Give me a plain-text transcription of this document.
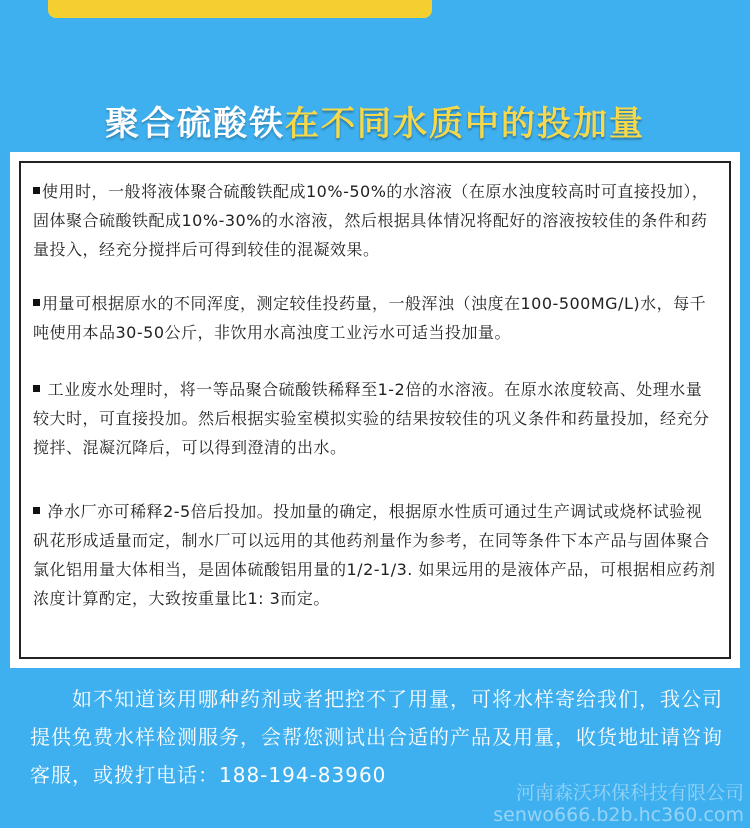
聚合硫酸铁在不同水质中的投加量
使用时，一般将液体聚合硫酸铁配成10%-50%的水溶液（在原水浊度较高时可直接投加）， 固体聚合硫酸铁配成10%-30%的水溶液，然后根据具体情况将配好的溶液按较佳的条件和药量投入，经充分搅拌后可得到较佳的混凝效果。
用量可根据原水的不同浑度，测定较佳投药量，一般浑浊（浊度在100-500MG/L)水，每千吨使用本品30-50公斤，非饮用水高浊度工业污水可适当投加量。
工业废水处理时，将一等品聚合硫酸铁稀释至1-2倍的水溶液。在原水浓度较高、处理水量较大时，可直接投加。然后根据实验室模拟实验的结果按较佳的巩义条件和药量投加，经充分搅拌、混凝沉降后，可以得到澄清的出水。
净水厂亦可稀释2-5倍后投加。投加量的确定，根据原水性质可通过生产调试或烧杯试验视矾花形成适量而定，制水厂可以远用的其他药剂量作为参考，在同等条件下本产品与固体聚合氯化铝用量大体相当，是固体硫酸铝用量的1/2-1/3. 如果远用的是液体产品，可根据相应药剂浓度计算酌定，大致按重量比1: 3而定。
如不知道该用哪种药剂或者把控不了用量，可将水样寄给我们，我公司提供免费水样检测服务，会帮您测试出合适的产品及用量，收货地址请咨询客服，或拨打电话：188-194-83960
河南森沃环保科技有限公司
senwo666.b2b.hc360.com
